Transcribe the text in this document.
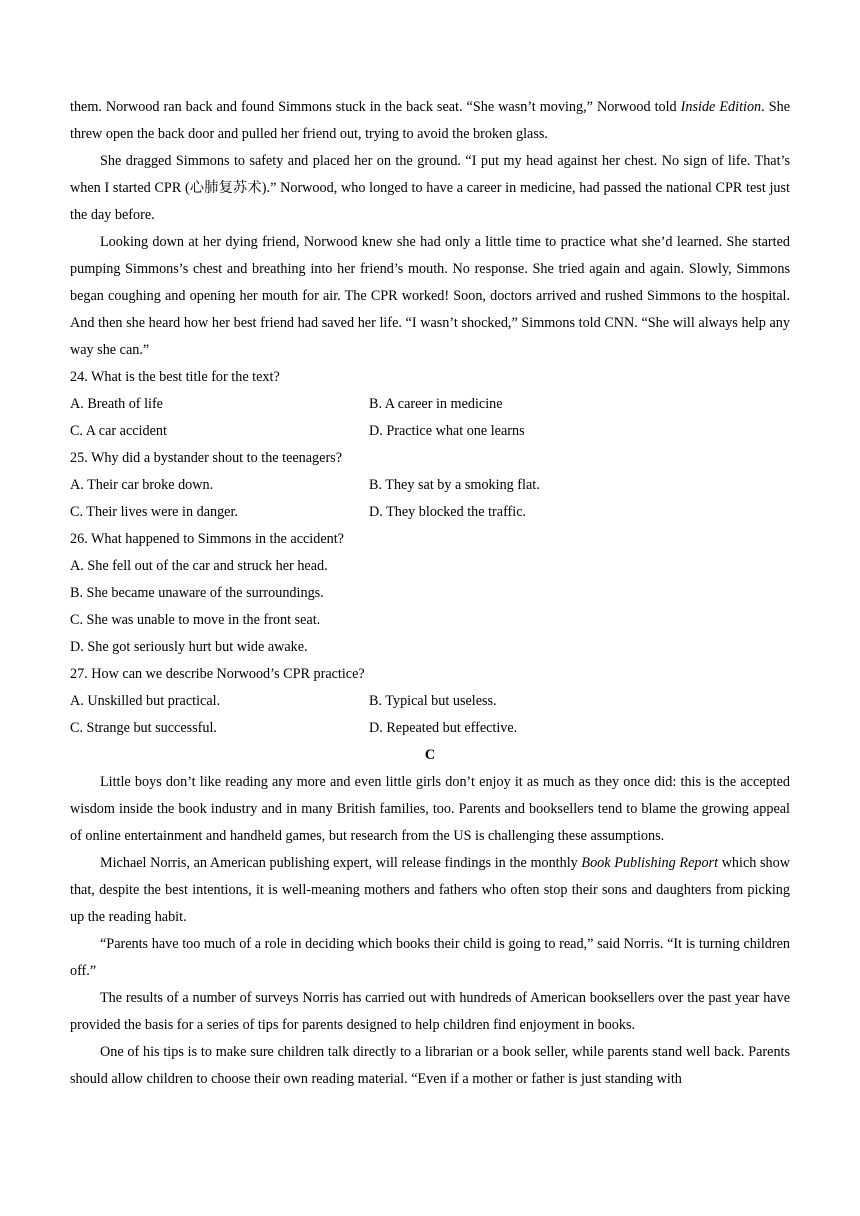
them. Norwood ran back and found Simmons stuck in the back seat. “She wasn’t moving,” Norwood told Inside Edition. She threw open the back door and pulled her friend out, trying to avoid the broken glass.

She dragged Simmons to safety and placed her on the ground. “I put my head against her chest. No sign of life. That’s when I started CPR (心肺复苏术).” Norwood, who longed to have a career in medicine, had passed the national CPR test just the day before.

Looking down at her dying friend, Norwood knew she had only a little time to practice what she’d learned. She started pumping Simmons’s chest and breathing into her friend’s mouth. No response. She tried again and again. Slowly, Simmons began coughing and opening her mouth for air. The CPR worked! Soon, doctors arrived and rushed Simmons to the hospital. And then she heard how her best friend had saved her life. “I wasn’t shocked,” Simmons told CNN. “She will always help any way she can.”

24. What is the best title for the text?

A. Breath of life	B. A career in medicine

C. A car accident	D. Practice what one learns

25. Why did a bystander shout to the teenagers?

A. Their car broke down.	B. They sat by a smoking flat.

C. Their lives were in danger.	D. They blocked the traffic.

26. What happened to Simmons in the accident?

A. She fell out of the car and struck her head.

B. She became unaware of the surroundings.

C. She was unable to move in the front seat.

D. She got seriously hurt but wide awake.

27. How can we describe Norwood’s CPR practice?

A. Unskilled but practical.	B. Typical but useless.

C. Strange but successful.	D. Repeated but effective.

C

Little boys don’t like reading any more and even little girls don’t enjoy it as much as they once did: this is the accepted wisdom inside the book industry and in many British families, too. Parents and booksellers tend to blame the growing appeal of online entertainment and handheld games, but research from the US is challenging these assumptions.

Michael Norris, an American publishing expert, will release findings in the monthly Book Publishing Report which show that, despite the best intentions, it is well-meaning mothers and fathers who often stop their sons and daughters from picking up the reading habit.

“Parents have too much of a role in deciding which books their child is going to read,” said Norris. “It is turning children off.”

The results of a number of surveys Norris has carried out with hundreds of American booksellers over the past year have provided the basis for a series of tips for parents designed to help children find enjoyment in books.

One of his tips is to make sure children talk directly to a librarian or a book seller, while parents stand well back. Parents should allow children to choose their own reading material. “Even if a mother or father is just standing with
